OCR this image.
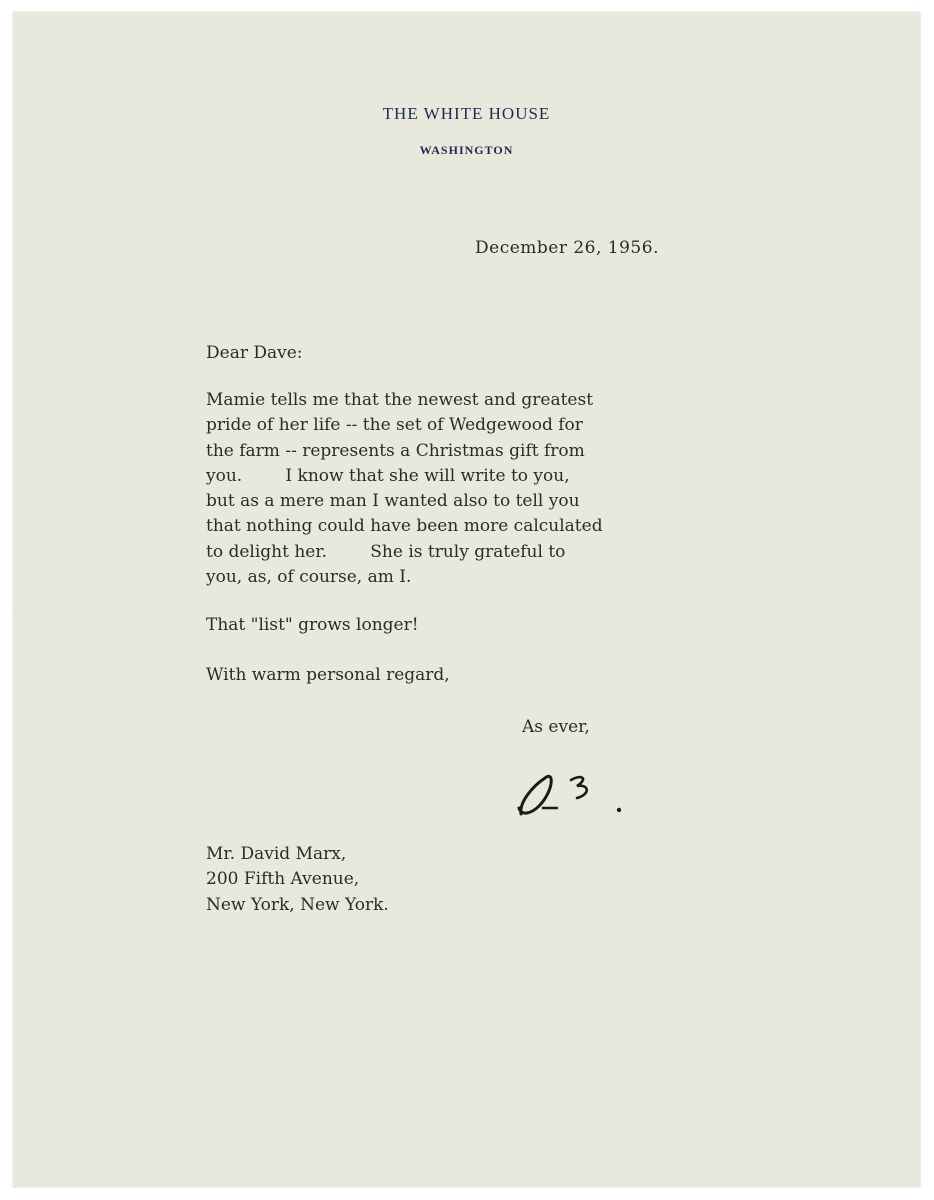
THE WHITE HOUSE
WASHINGTON
December 26, 1956.
Dear Dave:
Mamie tells me that the newest and greatest
pride of her life -- the set of Wedgewood for
the farm -- represents a Christmas gift from
you.        I know that she will write to you,
but as a mere man I wanted also to tell you
that nothing could have been more calculated
to delight her.        She is truly grateful to
you, as, of course, am I.
That "list" grows longer!
With warm personal regard,
As ever,
Mr. David Marx,
200 Fifth Avenue,
New York, New York.
